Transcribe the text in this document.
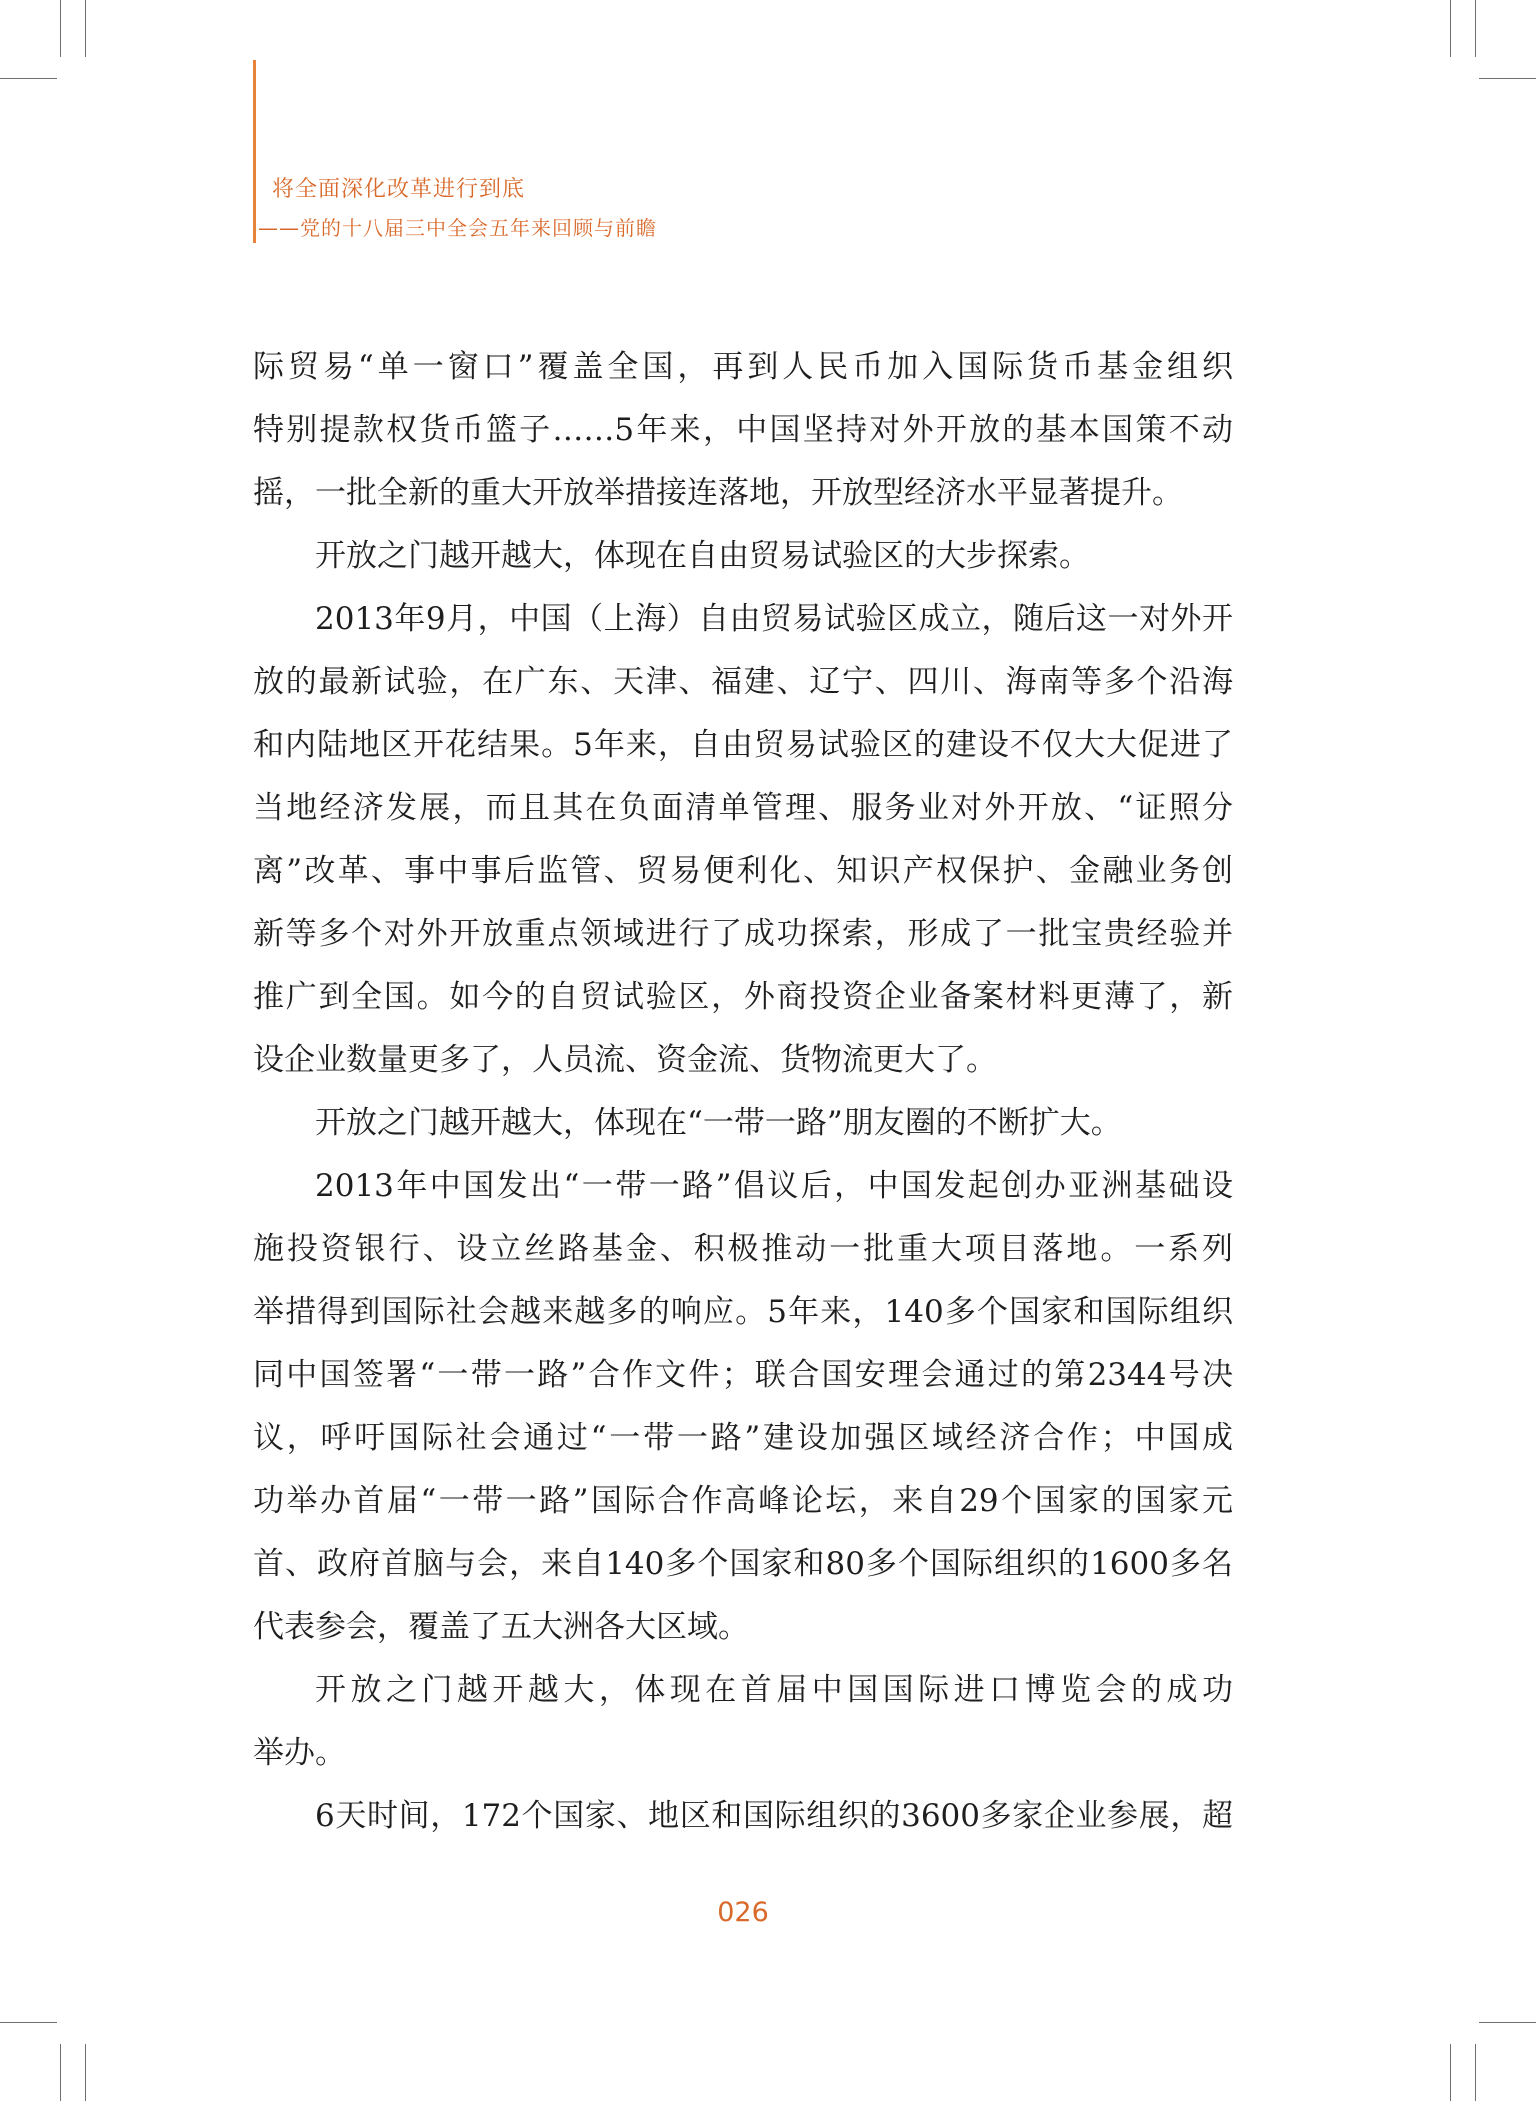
将全面深化改革进行到底
——党的十八届三中全会五年来回顾与前瞻
际贸易“单一窗口”覆盖全国，再到人民币加入国际货币基金组织
特别提款权货币篮子……5年来，中国坚持对外开放的基本国策不动
摇，一批全新的重大开放举措接连落地，开放型经济水平显著提升。
开放之门越开越大，体现在自由贸易试验区的大步探索。
2013年9月，中国（上海）自由贸易试验区成立，随后这一对外开
放的最新试验，在广东、天津、福建、辽宁、四川、海南等多个沿海
和内陆地区开花结果。5年来，自由贸易试验区的建设不仅大大促进了
当地经济发展，而且其在负面清单管理、服务业对外开放、“证照分
离”改革、事中事后监管、贸易便利化、知识产权保护、金融业务创
新等多个对外开放重点领域进行了成功探索，形成了一批宝贵经验并
推广到全国。如今的自贸试验区，外商投资企业备案材料更薄了，新
设企业数量更多了，人员流、资金流、货物流更大了。
开放之门越开越大，体现在“一带一路”朋友圈的不断扩大。
2013年中国发出“一带一路”倡议后，中国发起创办亚洲基础设
施投资银行、设立丝路基金、积极推动一批重大项目落地。一系列
举措得到国际社会越来越多的响应。5年来，140多个国家和国际组织
同中国签署“一带一路”合作文件；联合国安理会通过的第2344号决
议，呼吁国际社会通过“一带一路”建设加强区域经济合作；中国成
功举办首届“一带一路”国际合作高峰论坛，来自29个国家的国家元
首、政府首脑与会，来自140多个国家和80多个国际组织的1600多名
代表参会，覆盖了五大洲各大区域。
开放之门越开越大，体现在首届中国国际进口博览会的成功
举办。
6天时间，172个国家、地区和国际组织的3600多家企业参展，超
026
